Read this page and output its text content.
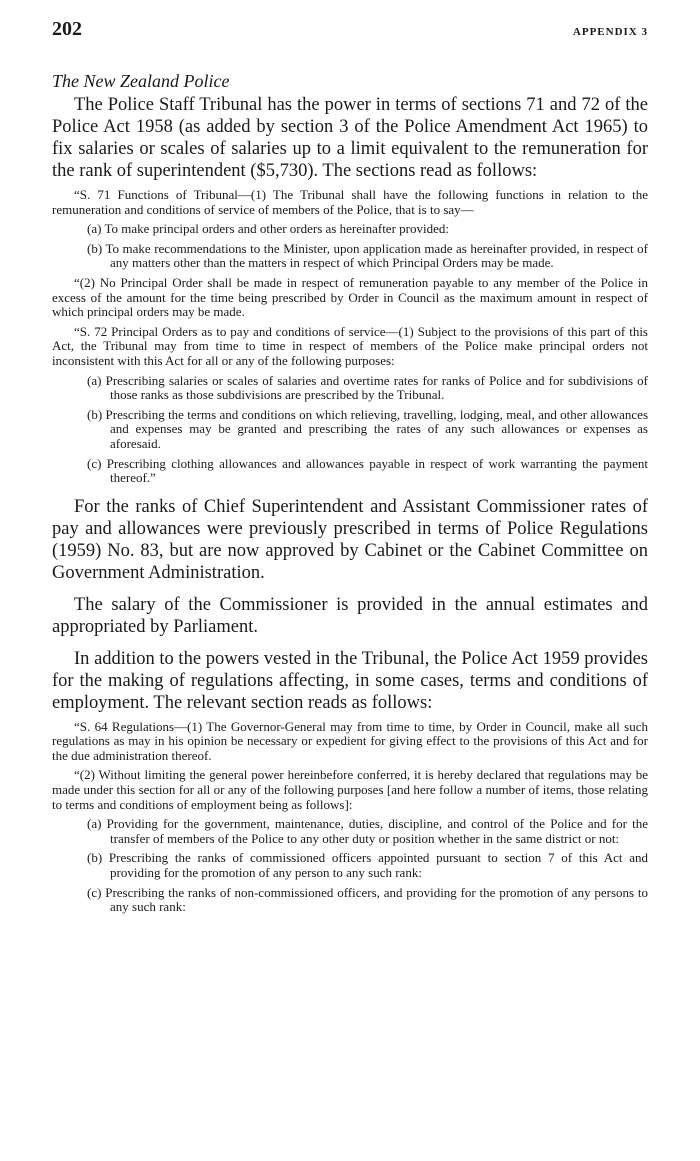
202	APPENDIX 3
The New Zealand Police

The Police Staff Tribunal has the power in terms of sections 71 and 72 of the Police Act 1958 (as added by section 3 of the Police Amendment Act 1965) to fix salaries or scales of salaries up to a limit equivalent to the remuneration for the rank of superintendent ($5,730). The sections read as follows:

“S. 71 Functions of Tribunal—(1) The Tribunal shall have the following functions in relation to the remuneration and conditions of service of members of the Police, that is to say—

(a) To make principal orders and other orders as hereinafter provided:

(b) To make recommendations to the Minister, upon application made as hereinafter provided, in respect of any matters other than the matters in respect of which Principal Orders may be made.

“(2) No Principal Order shall be made in respect of remuneration payable to any member of the Police in excess of the amount for the time being prescribed by Order in Council as the maximum amount in respect of which principal orders may be made.

“S. 72 Principal Orders as to pay and conditions of service—(1) Subject to the provisions of this part of this Act, the Tribunal may from time to time in respect of members of the Police make principal orders not inconsistent with this Act for all or any of the following purposes:

(a) Prescribing salaries or scales of salaries and overtime rates for ranks of Police and for subdivisions of those ranks as those subdivisions are prescribed by the Tribunal.

(b) Prescribing the terms and conditions on which relieving, travelling, lodging, meal, and other allowances and expenses may be granted and prescribing the rates of any such allowances or expenses as aforesaid.

(c) Prescribing clothing allowances and allowances payable in respect of work warranting the payment thereof.”

For the ranks of Chief Superintendent and Assistant Commissioner rates of pay and allowances were previously prescribed in terms of Police Regulations (1959) No. 83, but are now approved by Cabinet or the Cabinet Committee on Government Administration.

The salary of the Commissioner is provided in the annual estimates and appropriated by Parliament.

In addition to the powers vested in the Tribunal, the Police Act 1959 provides for the making of regulations affecting, in some cases, terms and conditions of employment. The relevant section reads as follows:

“S. 64 Regulations—(1) The Governor-General may from time to time, by Order in Council, make all such regulations as may in his opinion be necessary or expedient for giving effect to the provisions of this Act and for the due administration thereof.

“(2) Without limiting the general power hereinbefore conferred, it is hereby declared that regulations may be made under this section for all or any of the following purposes [and here follow a number of items, those relating to terms and conditions of employment being as follows]:

(a) Providing for the government, maintenance, duties, discipline, and control of the Police and for the transfer of members of the Police to any other duty or position whether in the same district or not:

(b) Prescribing the ranks of commissioned officers appointed pursuant to section 7 of this Act and providing for the promotion of any person to any such rank:

(c) Prescribing the ranks of non-commissioned officers, and providing for the promotion of any persons to any such rank:
